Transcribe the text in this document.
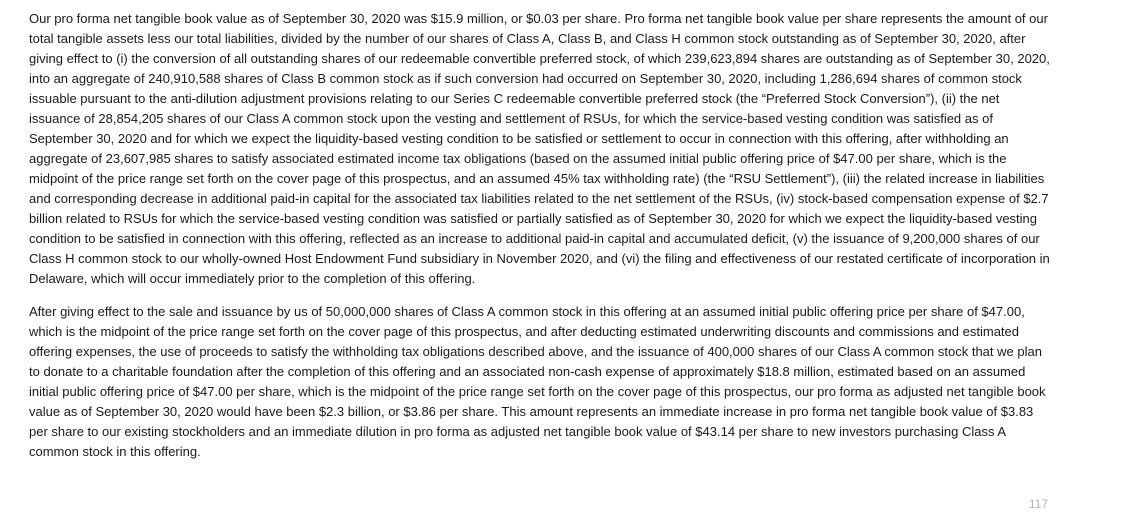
Our pro forma net tangible book value as of September 30, 2020 was $15.9 million, or $0.03 per share. Pro forma net tangible book value per share represents the amount of our total tangible assets less our total liabilities, divided by the number of our shares of Class A, Class B, and Class H common stock outstanding as of September 30, 2020, after giving effect to (i) the conversion of all outstanding shares of our redeemable convertible preferred stock, of which 239,623,894 shares are outstanding as of September 30, 2020, into an aggregate of 240,910,588 shares of Class B common stock as if such conversion had occurred on September 30, 2020, including 1,286,694 shares of common stock issuable pursuant to the anti-dilution adjustment provisions relating to our Series C redeemable convertible preferred stock (the “Preferred Stock Conversion”), (ii) the net issuance of 28,854,205 shares of our Class A common stock upon the vesting and settlement of RSUs, for which the service-based vesting condition was satisfied as of September 30, 2020 and for which we expect the liquidity-based vesting condition to be satisfied or settlement to occur in connection with this offering, after withholding an aggregate of 23,607,985 shares to satisfy associated estimated income tax obligations (based on the assumed initial public offering price of $47.00 per share, which is the midpoint of the price range set forth on the cover page of this prospectus, and an assumed 45% tax withholding rate) (the “RSU Settlement”), (iii) the related increase in liabilities and corresponding decrease in additional paid-in capital for the associated tax liabilities related to the net settlement of the RSUs, (iv) stock-based compensation expense of $2.7 billion related to RSUs for which the service-based vesting condition was satisfied or partially satisfied as of September 30, 2020 for which we expect the liquidity-based vesting condition to be satisfied in connection with this offering, reflected as an increase to additional paid-in capital and accumulated deficit, (v) the issuance of 9,200,000 shares of our Class H common stock to our wholly-owned Host Endowment Fund subsidiary in November 2020, and (vi) the filing and effectiveness of our restated certificate of incorporation in Delaware, which will occur immediately prior to the completion of this offering.

After giving effect to the sale and issuance by us of 50,000,000 shares of Class A common stock in this offering at an assumed initial public offering price per share of $47.00, which is the midpoint of the price range set forth on the cover page of this prospectus, and after deducting estimated underwriting discounts and commissions and estimated offering expenses, the use of proceeds to satisfy the withholding tax obligations described above, and the issuance of 400,000 shares of our Class A common stock that we plan to donate to a charitable foundation after the completion of this offering and an associated non-cash expense of approximately $18.8 million, estimated based on an assumed initial public offering price of $47.00 per share, which is the midpoint of the price range set forth on the cover page of this prospectus, our pro forma as adjusted net tangible book value as of September 30, 2020 would have been $2.3 billion, or $3.86 per share. This amount represents an immediate increase in pro forma net tangible book value of $3.83 per share to our existing stockholders and an immediate dilution in pro forma as adjusted net tangible book value of $43.14 per share to new investors purchasing Class A common stock in this offering.

117
